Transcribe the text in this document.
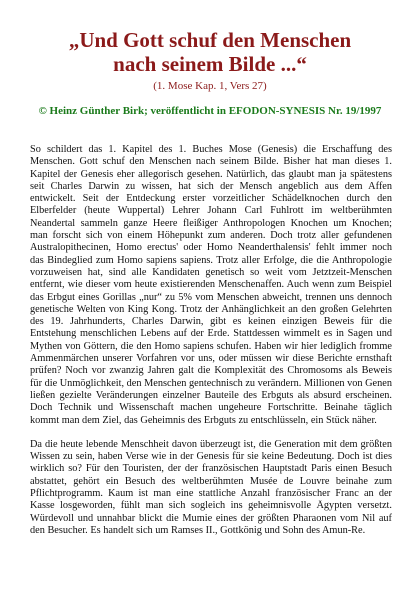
„Und Gott schuf den Menschen
nach seinem Bilde ...“
(1. Mose Kap. 1, Vers 27)
© Heinz Günther Birk; veröffentlicht in EFODON-SYNESIS Nr. 19/1997
So schildert das 1. Kapitel des 1. Buches Mose (Genesis) die Erschaffung des
Menschen. Gott schuf den Menschen nach seinem Bilde. Bisher hat man dieses 1.
Kapitel der Genesis eher allegorisch gesehen. Natürlich, das glaubt man ja spätestens
seit Charles Darwin zu wissen, hat sich der Mensch angeblich aus dem Affen
entwickelt. Seit der Entdeckung erster vorzeitlicher Schädelknochen durch den
Elberfelder (heute Wuppertal) Lehrer Johann Carl Fuhlrott im weltberühmten
Neandertal sammeln ganze Heere fleißiger Anthropologen Knochen um Knochen;
man forscht sich von einem Höhepunkt zum anderen. Doch trotz aller gefundenen
Australopithecinen, Homo erectus' oder Homo Neanderthalensis' fehlt immer noch
das Bindeglied zum Homo sapiens sapiens. Trotz aller Erfolge, die die Anthropologie
vorzuweisen hat, sind alle Kandidaten genetisch so weit vom Jetztzeit-Menschen
entfernt, wie dieser vom heute existierenden Menschenaffen. Auch wenn zum Beispiel
das Erbgut eines Gorillas „nur“ zu 5% vom Menschen abweicht, trennen uns dennoch
genetische Welten von King Kong. Trotz der Anhänglichkeit an den großen Gelehrten
des 19. Jahrhunderts, Charles Darwin, gibt es keinen einzigen Beweis für die
Entstehung menschlichen Lebens auf der Erde. Stattdessen wimmelt es in Sagen und
Mythen von Göttern, die den Homo sapiens schufen. Haben wir hier lediglich fromme
Ammenmärchen unserer Vorfahren vor uns, oder müssen wir diese Berichte ernsthaft
prüfen? Noch vor zwanzig Jahren galt die Komplexität des Chromosoms als Beweis
für die Unmöglichkeit, den Menschen gentechnisch zu verändern. Millionen von Genen
ließen gezielte Veränderungen einzelner Bauteile des Erbguts als absurd erscheinen.
Doch Technik und Wissenschaft machen ungeheure Fortschritte. Beinahe täglich
kommt man dem Ziel, das Geheimnis des Erbguts zu entschlüsseln, ein Stück näher.
Da die heute lebende Menschheit davon überzeugt ist, die Generation mit dem größten
Wissen zu sein, haben Verse wie in der Genesis für sie keine Bedeutung. Doch ist dies
wirklich so? Für den Touristen, der der französischen Hauptstadt Paris einen Besuch
abstattet, gehört ein Besuch des weltberühmten Musée de Louvre beinahe zum
Pflichtprogramm. Kaum ist man eine stattliche Anzahl französischer Franc an der
Kasse losgeworden, fühlt man sich sogleich ins geheimnisvolle Ägypten versetzt.
Würdevoll und unnahbar blickt die Mumie eines der größten Pharaonen vom Nil auf
den Besucher. Es handelt sich um Ramses II., Gottkönig und Sohn des Amun-Re.
